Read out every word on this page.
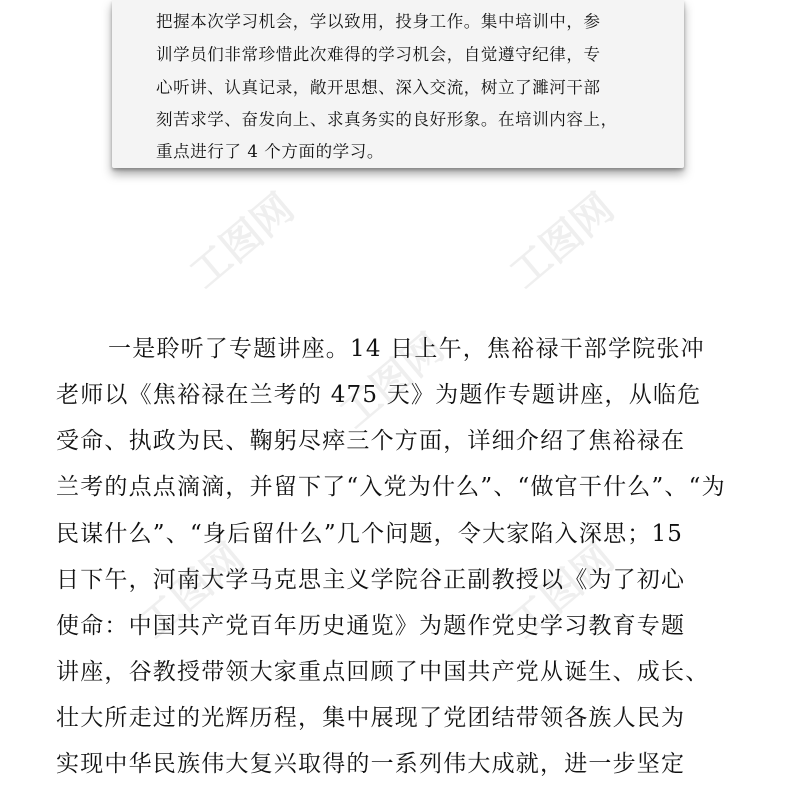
把握本次学习机会，学以致用，投身工作。集中培训中，参
训学员们非常珍惜此次难得的学习机会，自觉遵守纪律，专
心听讲、认真记录，敞开思想、深入交流，树立了濉河干部
刻苦求学、奋发向上、求真务实的良好形象。在培训内容上，
重点进行了 4 个方面的学习。
工图网	工图网
工图网
工图网	工图网
一是聆听了专题讲座。14 日上午，焦裕禄干部学院张冲
老师以《焦裕禄在兰考的 475 天》为题作专题讲座，从临危
受命、执政为民、鞠躬尽瘁三个方面，详细介绍了焦裕禄在
兰考的点点滴滴，并留下了“入党为什么”、“做官干什么”、“为
民谋什么”、“身后留什么”几个问题，令大家陷入深思；15
日下午，河南大学马克思主义学院谷正副教授以《为了初心
使命：中国共产党百年历史通览》为题作党史学习教育专题
讲座，谷教授带领大家重点回顾了中国共产党从诞生、成长、
壮大所走过的光辉历程，集中展现了党团结带领各族人民为
实现中华民族伟大复兴取得的一系列伟大成就，进一步坚定
